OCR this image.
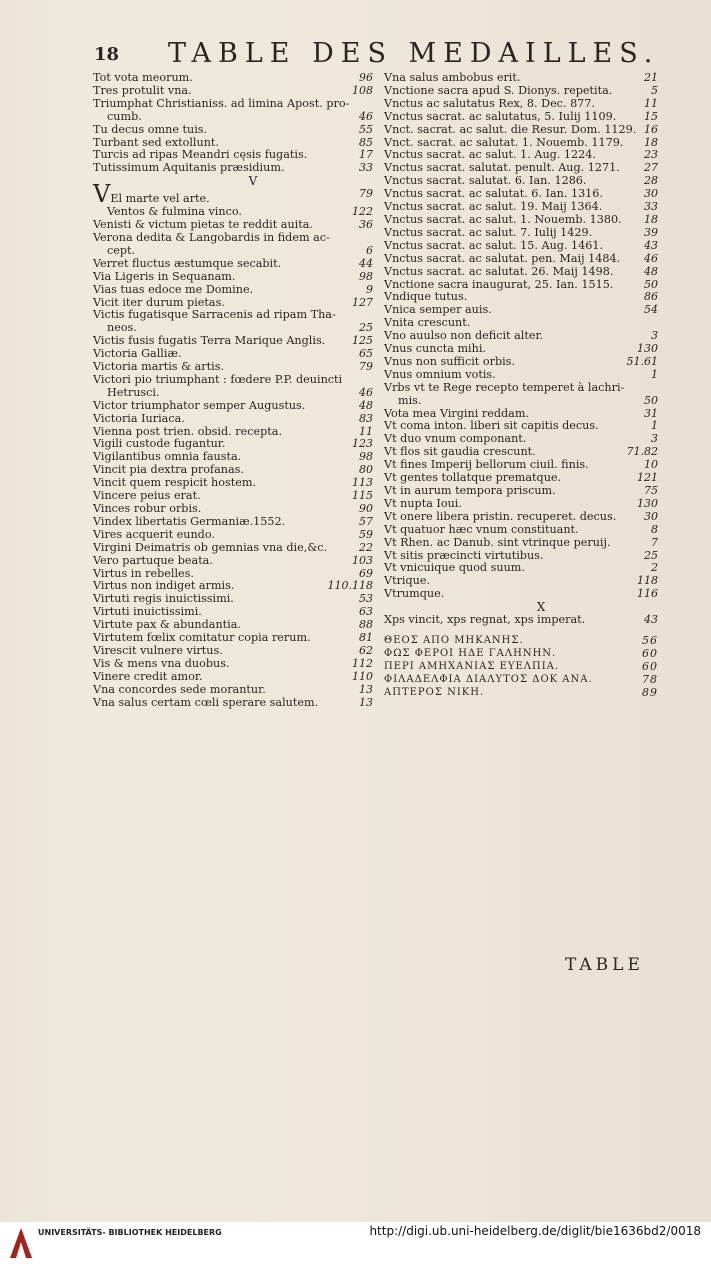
18 TABLE DES MEDAILLES.
Tot vota meorum.	96
Tres protulit vna.	108
Triumphat Christianiss. ad limina Apost. pro-
cumb.	46
Tu decus omne tuis.	55
Turbant sed extollunt.	85
Turcis ad ripas Meandri cęsis fugatis.	17
Tutissimum Aquitanis præsidium.	33
V
VEl marte vel arte.	79
Ventos & fulmina vinco.	122
Venisti & victum pietas te reddit auita.	36
Verona dedita & Langobardis in fidem ac-
cept.	6
Verret fluctus æstumque secabit.	44
Via Ligeris in Sequanam.	98
Vias tuas edoce me Domine.	9
Vicit iter durum pietas.	127
Victis fugatisque Sarracenis ad ripam Tha-
neos.	25
Victis fusis fugatis Terra Marique Anglis. 125
Victoria Galliæ.	65
Victoria martis & artis.	79
Victori pio triumphant : fœdere P.P. deuincti
Hetrusci.	46
Victor triumphator semper Augustus.	48
Victoria Iuriaca.	83
Vienna post trien. obsid. recepta.	11
Vigili custode fugantur.	123
Vigilantibus omnia fausta.	98
Vincit pia dextra profanas.	80
Vincit quem respicit hostem.	113
Vincere peius erat.	115
Vinces robur orbis.	90
Vindex libertatis Germaniæ.1552.	57
Vires acquerit eundo.	59
Virgini Deimatris ob gemnias vna die,&c.	22
Vero partuque beata.	103
Virtus in rebelles.	69
Virtus non indiget armis.	110.118
Virtuti regis inuictissimi.	53
Virtuti inuictissimi.	63
Virtute pax & abundantia.	88
Virtutem fœlix comitatur copia rerum.	81
Virescit vulnere virtus.	62
Vis & mens vna duobus.	112
Vinere credit amor.	110
Vna concordes sede morantur.	13
Vna salus certam cœli sperare salutem.	13
Vna salus ambobus erit.	21
Vnctione sacra apud S. Dionys. repetita.	5
Vnctus ac salutatus Rex, 8. Dec. 877.	11
Vnctus sacrat. ac salutatus, 5. Iulij 1109.	15
Vnct. sacrat. ac salut. die Resur. Dom. 1129. 16
Vnct. sacrat. ac salutat. 1. Nouemb. 1179. 18
Vnctus sacrat. ac salut. 1. Aug. 1224.	23
Vnctus sacrat. salutat. penult. Aug. 1271. 27
Vnctus sacrat. salutat. 6. Ian. 1286.	28
Vnctus sacrat. ac salutat. 6. Ian. 1316.	30
Vnctus sacrat. ac salut. 19. Maij 1364.	33
Vnctus sacrat. ac salut. 1. Nouemb. 1380. 18
Vnctus sacrat. ac salut. 7. Iulij 1429.	39
Vnctus sacrat. ac salut. 15. Aug. 1461.	43
Vnctus sacrat. ac salutat. pen. Maij 1484. 46
Vnctus sacrat. ac salutat. 26. Maij 1498.	48
Vnctione sacra inaugurat, 25. Ian. 1515.	50
Vndique tutus.	86
Vnica semper auis.	54
Vnita crescunt.
Vno auulso non deficit alter.	3
Vnus cuncta mihi.	130
Vnus non sufficit orbis.	51.61
Vnus omnium votis.	1
Vrbs vt te Rege recepto temperet à lachri-
mis.	50
Vota mea Virgini reddam.	31
Vt coma inton. liberi sit capitis decus.	1
Vt duo vnum componant.	3
Vt flos sit gaudia crescunt.	71.82
Vt fines Imperij bellorum ciuil. finis.	10
Vt gentes tollatque prematque.	121
Vt in aurum tempora priscum.	75
Vt nupta Ioui.	130
Vt onere libera pristin. recuperet. decus.	30
Vt quatuor hæc vnum constituant.	8
Vt Rhen. ac Danub. sint vtrinque peruij.	7
Vt sitis præcincti virtutibus.	25
Vt vnicuique quod suum.	2
Vtrique.	118
Vtrumque.	116
X
Xps vincit, xps regnat, xps imperat.	43
ΘΕΟΣ ΑΠΟ ΜΗΚΑΝΗΣ.	56
ΦΩΣ ΦΕΡΟΙ ΗΔΕ ΓΑΛΗΝΗΝ.	60
ΠΕΡΙ ΑΜΗΧΑΝΙΑΣ ΕΥΕΛΠΙΑ.	60
ΦΙΛΑΔΕΛΦΙΑ ΔΙΑΛΥΤΟΣ ΔΟΚ ΑΝΑ.	78
ΑΠΤΕΡΟΣ ΝΙΚΗ.	89
TABLE
UNIVERSITÄTS- BIBLIOTHEK HEIDELBERG	http://digi.ub.uni-heidelberg.de/diglit/bie1636bd2/0018
